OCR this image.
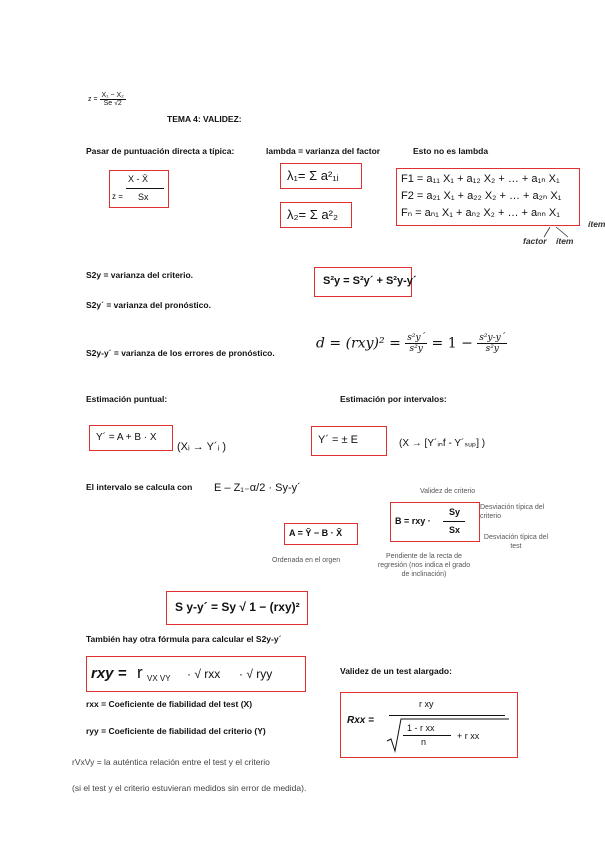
$z = \frac{\text{X₁ − X₂}}{Se √2}$
TEMA 4: VALIDEZ:
Pasar de puntuación directa a típica:	lambda = varianza del factor	Esto no es lambda
X - X̄
z = Sx
λ₁= Σ a²₁ᵢ
λ₂= Σ a²₂
F1 = a₁₁ X₁ + a₁₂ X₂ + … + a₁ₙ X₁
F2 = a₂₁ X₁ + a₂₂ X₂ + … + a₂ₙ X₁
Fₙ = aₙ₁ X₁ + aₙ₂ X₂ + … + aₙₙ X₁
factor ítem
ítem
S2y = varianza del criterio.
S2y´ = varianza del pronóstico.
S2y-y´ = varianza de los errores de pronóstico.
S²y = S²y´ + S²y-y´
$d = (rxy)^2 = \frac{\text{s²y´}}{\text{s²y}} = 1 - \frac{\text{s²y-y´}}{\text{s²y}}$
Estimación puntual:	Estimación por intervalos:
Y´ = A + B · X
(Xᵢ → Y´ᵢ )
Y´ = ± E	(X → [Y´ᵢₙf - Y´ₛᵤₚ] )
El intervalo se calcula con E – Z₁₋α/2 · Sy-y´	Validez de criterio
B = rxy ·
Sy
Sx
Desviación típica del criterio
Desviación típica del test
Pendiente de la recta de regresión (nos indica el grado de inclinación)
A = Ȳ − B · X̄
Ordenada en el orgen
S y-y´ = Sy √ 1 − (rxy)²
También hay otra fórmula para calcular el S2y-y´
rxy = r VX VY · √ rxx · √ ryy	Validez de un test alargado:
rxx = Coeficiente de fiabilidad del test (X)
ryy = Coeficiente de fiabilidad del criterio (Y)
Rxx =
r xy
1 - r xx
n
+ r xx
rVxVy = la auténtica relación entre el test y el criterio
(si el test y el criterio estuvieran medidos sin error de medida).
